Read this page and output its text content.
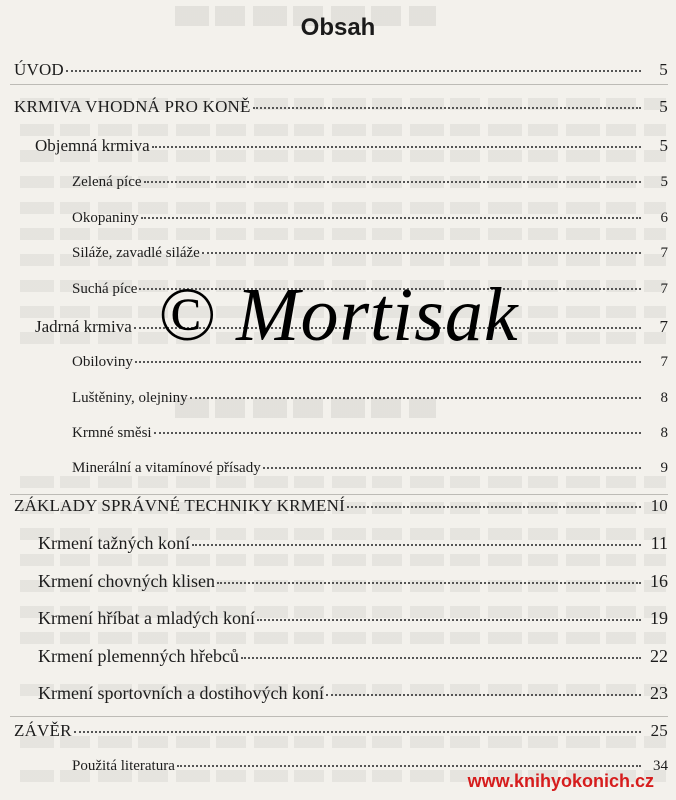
Obsah
ÚVOD	5
KRMIVA VHODNÁ PRO KONĚ	5
Objemná krmiva	5
Zelená píce	5
Okopaniny	6
Siláže, zavadlé siláže	7
Suchá píce	7
Jadrná krmiva	7
Obiloviny	7
Luštěniny, olejniny	8
Krmné směsi	8
Minerální a vitamínové přísady	9
ZÁKLADY SPRÁVNÉ TECHNIKY KRMENÍ	10
Krmení tažných koní	11
Krmení chovných klisen	16
Krmení hříbat a mladých koní	19
Krmení plemenných hřebců	22
Krmení sportovních a dostihových koní	23
ZÁVĚR	25
Použitá literatura	34
© Mortisak
www.knihyokonich.cz
